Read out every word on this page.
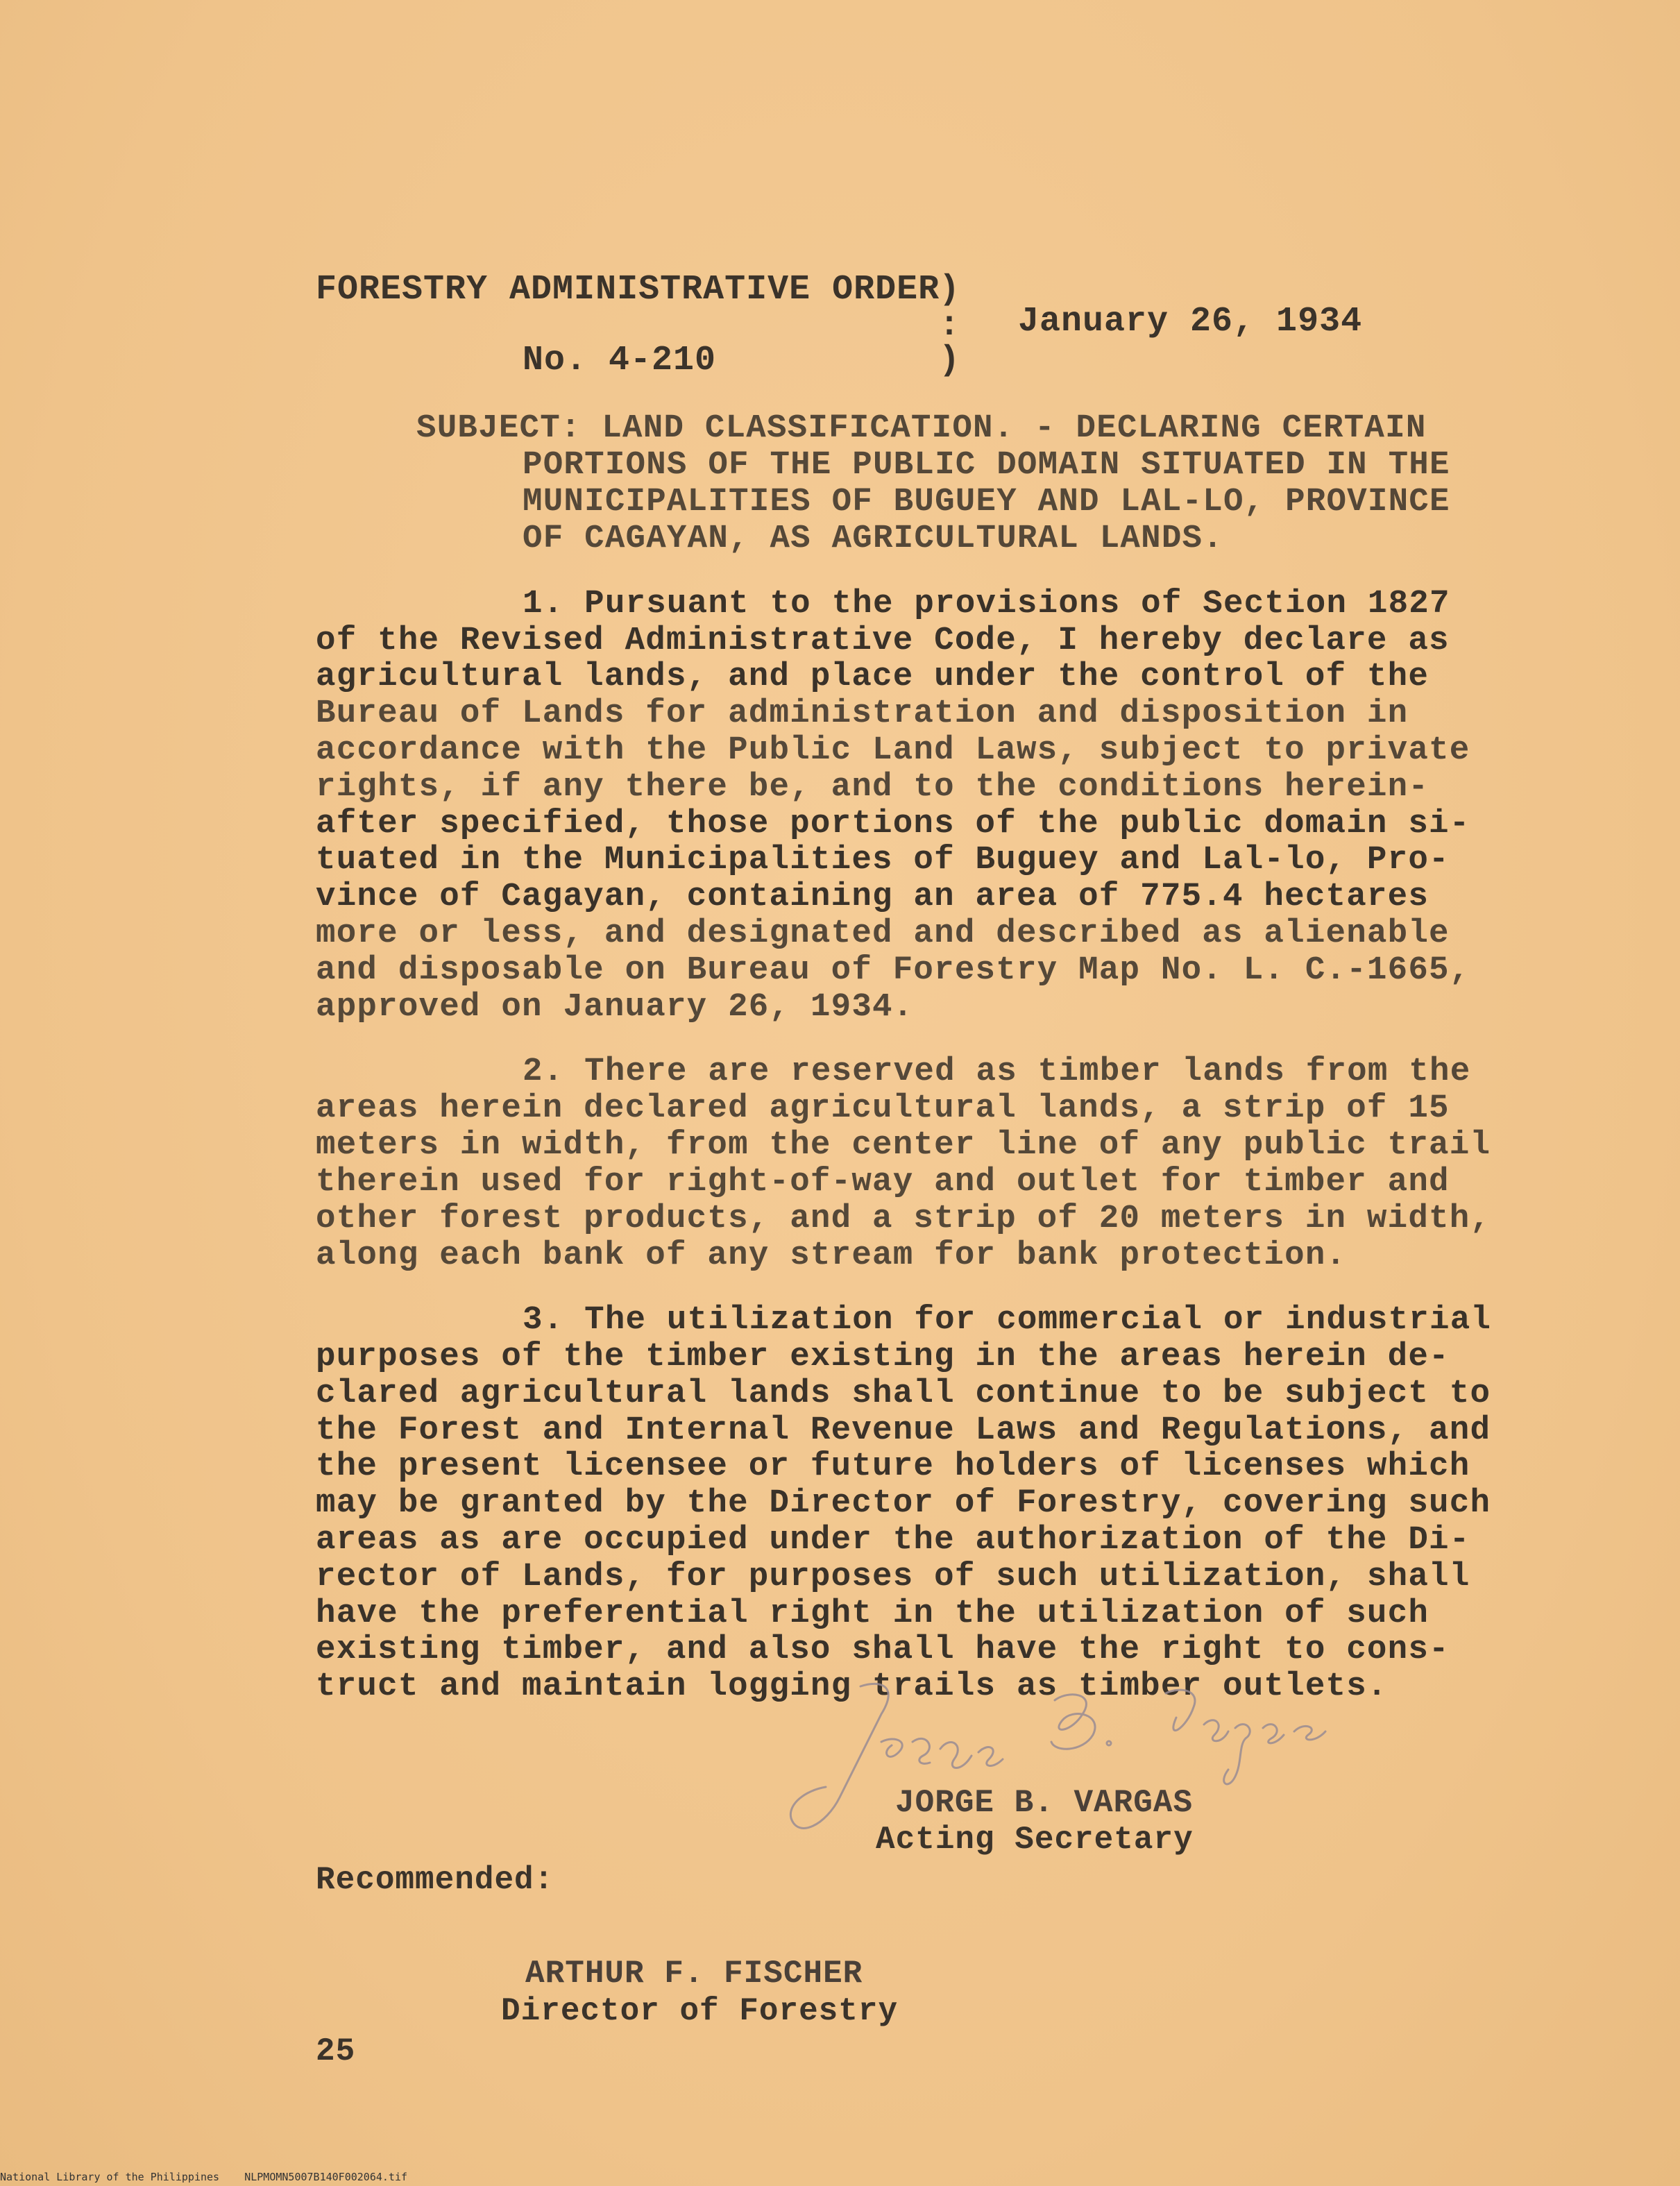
FORESTRY ADMINISTRATIVE ORDER
)
: January 26, 1934
No. 4-210	)
SUBJECT: LAND CLASSIFICATION. - DECLARING CERTAIN
PORTIONS OF THE PUBLIC DOMAIN SITUATED IN THE
MUNICIPALITIES OF BUGUEY AND LAL-LO, PROVINCE
OF CAGAYAN, AS AGRICULTURAL LANDS.
1. Pursuant to the provisions of Section 1827
of the Revised Administrative Code, I hereby declare as
agricultural lands, and place under the control of the
Bureau of Lands for administration and disposition in
accordance with the Public Land Laws, subject to private
rights, if any there be, and to the conditions herein-
after specified, those portions of the public domain si-
tuated in the Municipalities of Buguey and Lal-lo, Pro-
vince of Cagayan, containing an area of 775.4 hectares
more or less, and designated and described as alienable
and disposable on Bureau of Forestry Map No. L. C.-1665,
approved on January 26, 1934.
2. There are reserved as timber lands from the
areas herein declared agricultural lands, a strip of 15
meters in width, from the center line of any public trail
therein used for right-of-way and outlet for timber and
other forest products, and a strip of 20 meters in width,
along each bank of any stream for bank protection.
3. The utilization for commercial or industrial
purposes of the timber existing in the areas herein de-
clared agricultural lands shall continue to be subject to
the Forest and Internal Revenue Laws and Regulations, and
the present licensee or future holders of licenses which
may be granted by the Director of Forestry, covering such
areas as are occupied under the authorization of the Di-
rector of Lands, for purposes of such utilization, shall
have the preferential right in the utilization of such
existing timber, and also shall have the right to cons-
truct and maintain logging trails as timber outlets.
JORGE B. VARGAS
Acting Secretary
Recommended:
ARTHUR F. FISCHER
Director of Forestry
25
National Library of the Philippines NLPMOMN5007B140F002064.tif
